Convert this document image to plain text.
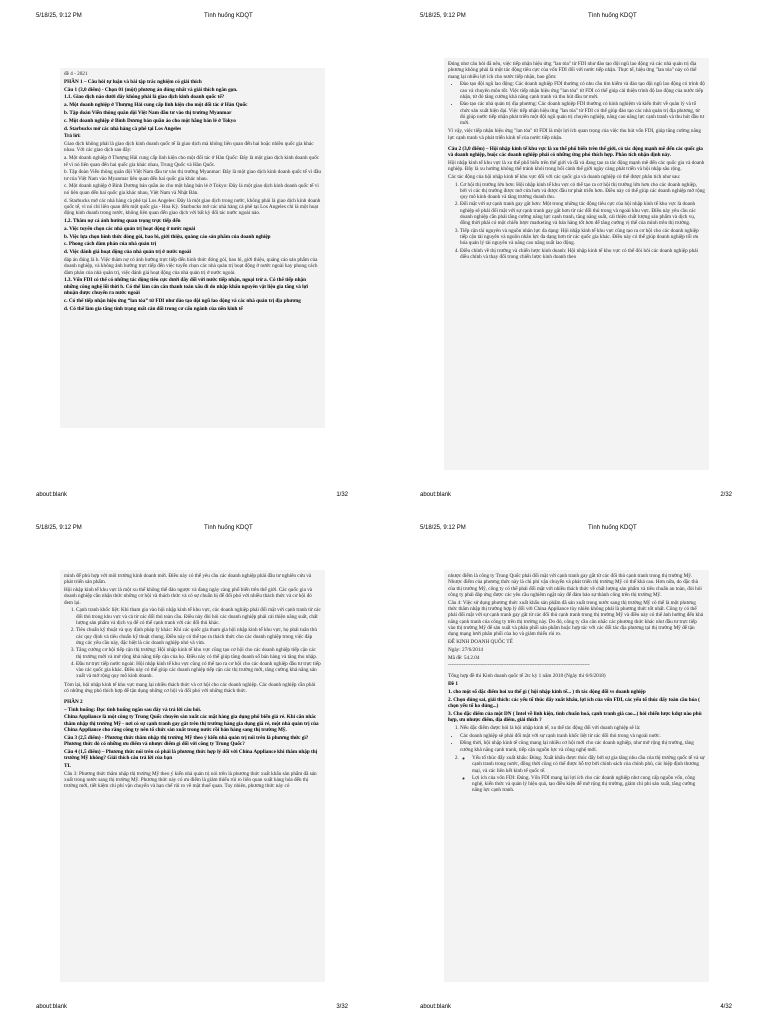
5/18/25, 9:12 PM	Tình huống KDQT

đề 4 - 2021

PHẦN 1 – Câu hỏi tự luận và bài tập trắc nghiệm có giải thích

Câu 1 (3,0 điểm) - Chọn 01 (một) phương án đúng nhất và giải thích ngắn gọn.

1.1. Giao dịch nào dưới đây không phải là giao dịch kinh doanh quốc tế?

a. Một doanh nghiệp ở Thượng Hải cung cấp linh kiện cho một đối tác ở Hàn Quốc

b. Tập đoàn Viễn thông quân đội Việt Nam đầu tư vào thị trường Myanmar

c. Một doanh nghiệp ở Bình Dương bán quần áo cho một hãng bán lẻ ở Tokyo

d. Starbucks mở các nhà hàng cà phê tại Los Angeles

Trả lời:

Giao dịch không phải là giao dịch kinh doanh quốc tế là giao dịch mà không liên quan đến hai hoặc nhiều quốc gia khác nhau. Với các giao dịch sau đây:

a. Một doanh nghiệp ở Thượng Hải cung cấp linh kiện cho một đối tác ở Hàn Quốc: Đây là một giao dịch kinh doanh quốc tế vì nó liên quan đến hai quốc gia khác nhau, Trung Quốc và Hàn Quốc.

b. Tập đoàn Viễn thông quân đội Việt Nam đầu tư vào thị trường Myanmar: Đây là một giao dịch kinh doanh quốc tế vì đầu tư của Việt Nam vào Myanmar liên quan đến hai quốc gia khác nhau.

c. Một doanh nghiệp ở Bình Dương bán quần áo cho một hãng bán lẻ ở Tokyo: Đây là một giao dịch kinh doanh quốc tế vì nó liên quan đến hai quốc gia khác nhau, Việt Nam và Nhật Bản.

d. Starbucks mở các nhà hàng cà phê tại Los Angeles: Đây là một giao dịch trong nước, không phải là giao dịch kinh doanh quốc tế, vì nó chỉ liên quan đến một quốc gia - Hoa Kỳ. Starbucks mở các nhà hàng cà phê tại Los Angeles chỉ là một hoạt động kinh doanh trong nước, không liên quan đến giao dịch với bất kỳ đối tác nước ngoài nào.

1.2. Thâm nợ cá ánh hướng quan trọng trực tiếp đến

a. Việc tuyển chọn các nhà quản trị hoạt động ở nước ngoài

b. Việc lựa chọn hình thức đóng gói, bao bì, giới thiệu, quảng cáo sản phẩm của doanh nghiệp

c. Phong cách đàm phán của nhà quản trị

d. Việc đánh giá hoạt động của nhà quản trị ở nước ngoài

đáp án đúng là b. Việc thâm nợ có ảnh hưởng trực tiếp đến hình thức đóng gói, bao bì, giới thiệu, quảng cáo sản phẩm của doanh nghiệp, và không ảnh hưởng trực tiếp đến việc tuyển chọn các nhà quản trị hoạt động ở nước ngoài hay phong cách đàm phán của nhà quản trị, việc đánh giá hoạt động của nhà quản trị ở nước ngoài.

1.3. Vốn FDI có thể có những tác động tiêu cực dưới đây đối với nước tiếp nhận, ngoại trừ a. Có thể tiếp nhận những công nghệ lỗi thời b. Có thể làm cán cân thanh toán xấu đi do nhập khẩu nguyên vật liệu gia tăng và lợi nhuận được chuyển ra nước ngoài

c. Có thể tiếp nhận hiệu ứng “lan tỏa” từ FDI như đào tạo đội ngũ lao động và các nhà quản trị địa phương

d. Có thể làm gia tăng tình trạng mất cân đối trong cơ cấu ngành của nền kinh tế

about:blank	1/32
5/18/25, 9:12 PM	Tình huống KDQT

Đúng như câu hỏi đã nêu, việc tiếp nhận hiệu ứng "lan tỏa" từ FDI như đào tạo đội ngũ lao động và các nhà quản trị địa phương không phải là một tác động tiêu cực của vốn FDI đối với nước tiếp nhận. Thực tế, hiệu ứng "lan tỏa" này có thể mang lại nhiều lợi ích cho nước tiếp nhận, bao gồm:

• Đào tạo đội ngũ lao động: Các doanh nghiệp FDI thường có nhu cầu tìm kiếm và đào tạo đội ngũ lao động có trình độ cao và chuyên môn tốt. Việc tiếp nhận hiệu ứng "lan tỏa" từ FDI có thể giúp cải thiện trình độ lao động của nước tiếp nhận, từ đó tăng cường khả năng cạnh tranh và thu hút đầu tư mới.
• Đào tạo các nhà quản trị địa phương: Các doanh nghiệp FDI thường có kinh nghiệm và kiến thức về quản lý và tổ chức sản xuất hiện đại. Việc tiếp nhận hiệu ứng "lan tỏa" từ FDI có thể giúp đào tạo các nhà quản trị địa phương, từ đó giúp nước tiếp nhận phát triển một đội ngũ quản trị chuyên nghiệp, nâng cao năng lực cạnh tranh và thu hút đầu tư mới.

Vì vậy, việc tiếp nhận hiệu ứng "lan tỏa" từ FDI là một lợi ích quan trọng của việc thu hút vốn FDI, giúp tăng cường năng lực cạnh tranh và phát triển kinh tế của nước tiếp nhận.

Câu 2 (3,0 điểm) – Hội nhập kinh tế khu vực là xu thế phổ biến trên thế giới, có tác động mạnh mẽ đến các quốc gia và doanh nghiệp, buộc các doanh nghiệp phải có những ứng phó thích hợp. Phân tích nhận định này.

Hội nhập kinh tế khu vực là xu thế phổ biến trên thế giới và đã và đang tạo ra tác động mạnh mẽ đến các quốc gia và doanh nghiệp. Đây là xu hướng không thể tránh khỏi trong bối cảnh thế giới ngày càng phát triển và hội nhập sâu rộng.

Các tác động của hội nhập kinh tế khu vực đối với các quốc gia và doanh nghiệp có thể được phân tích như sau:

1. Cơ hội thị trường lớn hơn: Hội nhập kinh tế khu vực có thể tạo ra cơ hội thị trường lớn hơn cho các doanh nghiệp, bởi vì các thị trường được mở cửa hơn và được đầu tư phát triển hơn. Điều này có thể giúp các doanh nghiệp mở rộng quy mô kinh doanh và tăng trưởng doanh thu.
2. Đối mặt với sự cạnh tranh gay gắt hơn: Một trong những tác động tiêu cực của hội nhập kinh tế khu vực là doanh nghiệp sẽ phải đối mặt với sự cạnh tranh gay gắt hơn từ các đối thủ trong và ngoài khu vực. Điều này yêu cầu các doanh nghiệp cần phải tăng cường năng lực cạnh tranh, tăng năng suất, cải thiện chất lượng sản phẩm và dịch vụ, đồng thời phải có một chiến lược marketing và bán hàng tốt hơn để tăng cường vị thế của mình trên thị trường.
3. Tiếp cận tài nguyên và nguồn nhân lực đa dạng: Hội nhập kinh tế khu vực cũng tạo ra cơ hội cho các doanh nghiệp tiếp cận tài nguyên và nguồn nhân lực đa dạng hơn từ các quốc gia khác. Điều này có thể giúp doanh nghiệp tối ưu hóa quản lý tài nguyên và nâng cao năng suất lao động.
4. Điều chỉnh về thị trường và chiến lược kinh doanh: Hội nhập kinh tế khu vực có thể đòi hỏi các doanh nghiệp phải điều chỉnh và thay đổi trong chiến lược kinh doanh theo
about:blank	2/32
5/18/25, 9:12 PM	Tình huống KDQT

mình để phù hợp với môi trường kinh doanh mới. Điều này có thể yêu cầu các doanh nghiệp phải đầu tư nghiên cứu và phát triển sản phẩm.

Hội nhập kinh tế khu vực là một xu thế không thể đảo ngược và đang ngày càng phổ biến trên thế giới. Các quốc gia và doanh nghiệp cần nhận thức những cơ hội và thách thức và có sự chuẩn bị để đối phó với nhiều thách thức và cơ hội đó đem lại.

1. Cạnh tranh khốc liệt: Khi tham gia vào hội nhập kinh tế khu vực, các doanh nghiệp phải đối mặt với cạnh tranh từ các đối thủ trong khu vực và cả từ các đối thủ toàn cầu. Điều này đòi hỏi các doanh nghiệp phải cải thiện năng suất, chất lượng sản phẩm và dịch vụ để có thể cạnh tranh với các đối thủ khác.
2. Tiêu chuẩn kỹ thuật và quy định pháp lý khác: Khi các quốc gia tham gia hội nhập kinh tế khu vực, họ phải tuân thủ các quy định và tiêu chuẩn kỹ thuật chung. Điều này có thể tạo ra thách thức cho các doanh nghiệp trong việc đáp ứng các yêu cầu này, đặc biệt là các doanh nghiệp nhỏ và vừa.
3. Tăng cường cơ hội tiếp cận thị trường: Hội nhập kinh tế khu vực cũng tạo cơ hội cho các doanh nghiệp tiếp cận các thị trường mới và mở rộng khả năng tiếp cận của họ. Điều này có thể giúp tăng doanh số bán hàng và tăng thu nhập.
4. Đầu tư trực tiếp nước ngoài: Hội nhập kinh tế khu vực cũng có thể tạo ra cơ hội cho các doanh nghiệp đầu tư trực tiếp vào các quốc gia khác. Điều này có thể giúp các doanh nghiệp tiếp cận các thị trường mới, tăng cường khả năng sản xuất và mở rộng quy mô kinh doanh.

Tóm lại, hội nhập kinh tế khu vực mang lại nhiều thách thức và cơ hội cho các doanh nghiệp. Các doanh nghiệp cần phải có những ứng phó thích hợp để tận dụng những cơ hội và đối phó với những thách thức.

PHẦN 2

– Tình huống: Đọc tình huống ngắn sau đây và trả lời câu hỏi.

China Appliance là một công ty Trung Quốc chuyên sản xuất các mặt hàng gia dụng phổ biến giá rẻ. Khi căn nhắc thâm nhập thị trường Mỹ - nơi có sự cạnh tranh gay gắt trên thị trường hàng gia dụng giá rẻ, một nhà quản trị của China Appliance cho rằng công ty nên tổ chức sản xuất trong nước rồi bán hàng sang thị trường Mỹ.

Câu 3 (2,5 điểm) - Phương thức thâm nhập thị trường Mỹ theo ý kiến nhà quản trị nói trên là phương thức gì? Phương thức đó có những ưu điểm và nhược điểm gì đối với công ty Trung Quốc?

Câu 4 (1,5 điểm) – Phương thức nói trên có phải là phương thức hợp lý đối với China Appliance khi thâm nhập thị trường Mỹ không? Giải thích câu trả lời của bạn

TL

Câu 3: Phương thức thâm nhập thị trường Mỹ theo ý kiến nhà quản trị nói trên là phương thức xuất khẩu sản phẩm đã sản xuất trong nước sang thị trường Mỹ. Phương thức này có ưu điểm là giảm thiểu rủi ro liên quan xuất hàng hóa đến thị trường mới, tiết kiệm chi phí vận chuyển và hạn chế rủi ro về mặt thuế quan. Tuy nhiên, phương thức này có

about:blank	3/32
5/18/25, 9:12 PM	Tình huống KDQT

nhược điểm là công ty Trung Quốc phải đối mặt với cạnh tranh gay gắt từ các đối thủ cạnh tranh trong thị trường Mỹ. Nhược điểm của phương thức này là chi phí vận chuyển và phát triển thị trường Mỹ có thể khá cao. Hơn nữa, do đặc thù của thị trường Mỹ, công ty có thể phải đối mặt với nhiều thách thức về chất lượng sản phẩm và tiêu chuẩn an toàn, đòi hỏi công ty phải đáp ứng được các yêu cầu nghiêm ngặt này để đảm bảo sự thành công trên thị trường Mỹ.

Câu 4: Việc sử dụng phương thức xuất khẩu sản phẩm đã sản xuất trong nước sang thị trường Mỹ có thể là một phương thức thâm nhập thị trường hợp lý đối với China Appliance tùy nhiên không phải là phương thức tốt nhất. Công ty có thể phải đối mặt với sự cạnh tranh gay gắt từ các đối thủ cạnh tranh trong thị trường Mỹ và điều này có thể ảnh hưởng đến khả năng cạnh tranh của công ty trên thị trường này. Do đó, công ty cần cân nhắc các phương thức khác như đầu tư trực tiếp vào thị trường Mỹ để sản xuất và phân phối sản phẩm hoặc hợp tác với các đối tác địa phương tại thị trường Mỹ để tận dụng mạng lưới phân phối của họ và giảm thiểu rủi ro.

ĐỀ KINH DOANH QUỐC TẾ

Ngày: 27/6/2014

Mã đề: 54.2.04

----------------------------------------------------------------------------------

Tổng hợp đề thi Kinh doanh quốc tế 2tc kỳ 1 năm 2018 (Ngày thi 6/6/2018)

Đề 1

1. cho một số đặc điểm hoi xu thế gì ( hội nhập kinh tế... ) th tác động đối vs doanh nghiệp

2. Chọn đúng sai, giải thích: các yếu tố thúc đẩy xuất khẩu, lợi ích của vốn FDI, các yếu tố thúc đẩy toàn cầu hóa ( chọn yếu tố ko đúng...)

3. Cho đặc điểm của một DN ( Intel về linh kiện, tình chuẩn hoá, cạnh tranh giá cao...) hỏi chiến lược kdqt nào phù hợp, ưu nhược điểm, địa điểm, giải thích ?

1. Nếu đặc điểm được hỏi là hội nhập kinh tế, xu thế tác động đối với doanh nghiệp sẽ là:
• Các doanh nghiệp sẽ phải đối mặt với sự cạnh tranh khốc liệt từ các đối thủ trong và ngoài nước.
• Đồng thời, hội nhập kinh tế cũng mang lại nhiều cơ hội mới cho các doanh nghiệp, như mở rộng thị trường, tăng cường khả năng cạnh tranh, tiếp cận nguồn lực và công nghệ mới.
◦ 2. Yếu tố thúc đẩy xuất khẩu: Đúng. Xuất khẩu được thúc đẩy bởi sự gia tăng nhu cầu của thị trường quốc tế và sự cạnh tranh trong nước, đồng thời cũng có thể được hỗ trợ bởi chính sách của chính phủ, các hiệp định thương mại, và các liên kết kinh tế quốc tế.
◦ Lợi ích của vốn FDI: Đúng. Vốn FDI mang lại lợi ích cho các doanh nghiệp như cung cấp nguồn vốn, công nghệ, kiến thức và quản lý hiệu quả, tạo điều kiện để mở rộng thị trường, giảm chi phí sản xuất, tăng cường năng lực cạnh tranh.
about:blank	4/32
